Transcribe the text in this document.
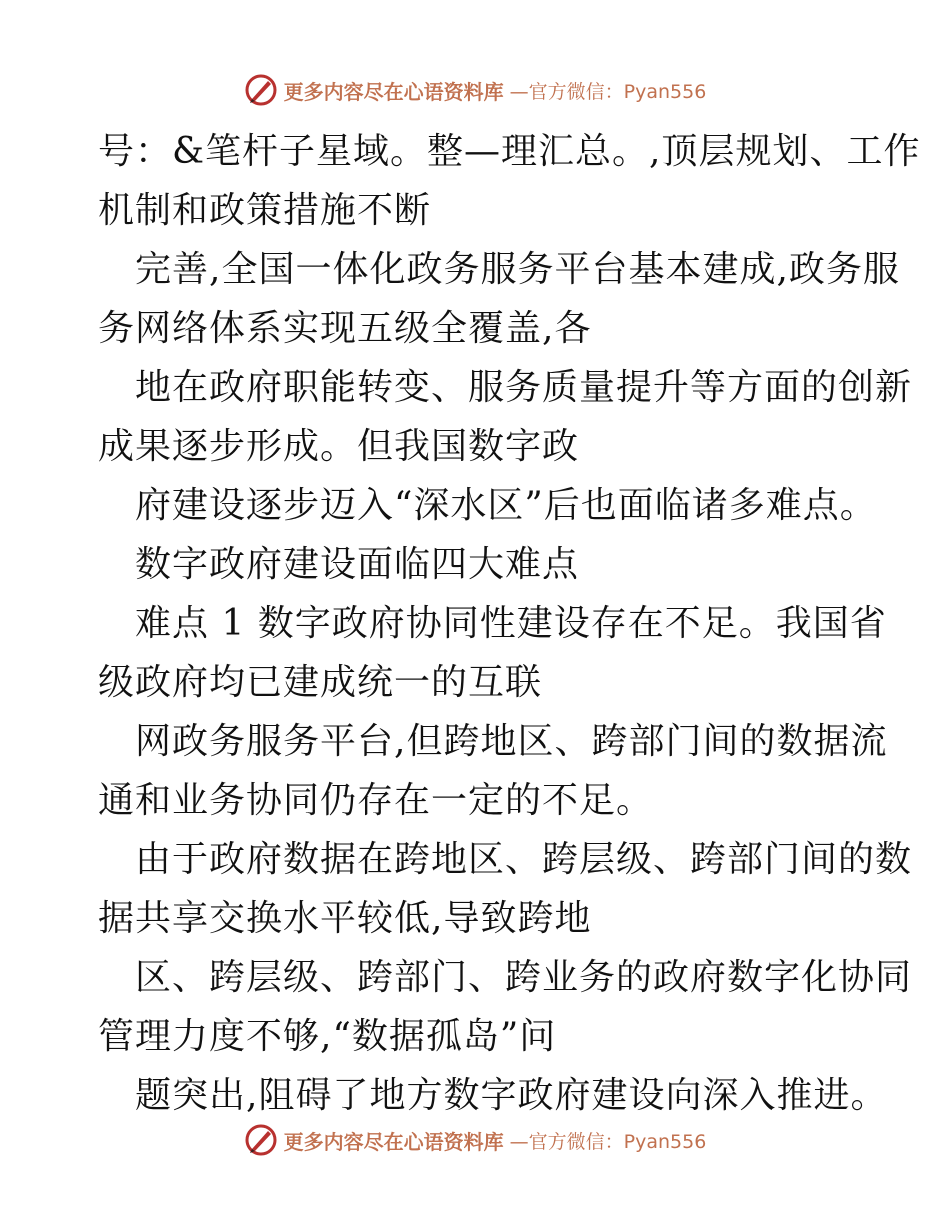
更多内容尽在心语资料库 —官方微信：Pyan556
号：&笔杆子星域。整—理汇总。,顶层规划、工作
机制和政策措施不断
完善,全国一体化政务服务平台基本建成,政务服
务网络体系实现五级全覆盖,各
地在政府职能转变、服务质量提升等方面的创新
成果逐步形成。但我国数字政
府建设逐步迈入“深水区”后也面临诸多难点。
数字政府建设面临四大难点
难点 1 数字政府协同性建设存在不足。我国省
级政府均已建成统一的互联
网政务服务平台,但跨地区、跨部门间的数据流
通和业务协同仍存在一定的不足。
由于政府数据在跨地区、跨层级、跨部门间的数
据共享交换水平较低,导致跨地
区、跨层级、跨部门、跨业务的政府数字化协同
管理力度不够,“数据孤岛”问
题突出,阻碍了地方数字政府建设向深入推进。
更多内容尽在心语资料库 —官方微信：Pyan556
